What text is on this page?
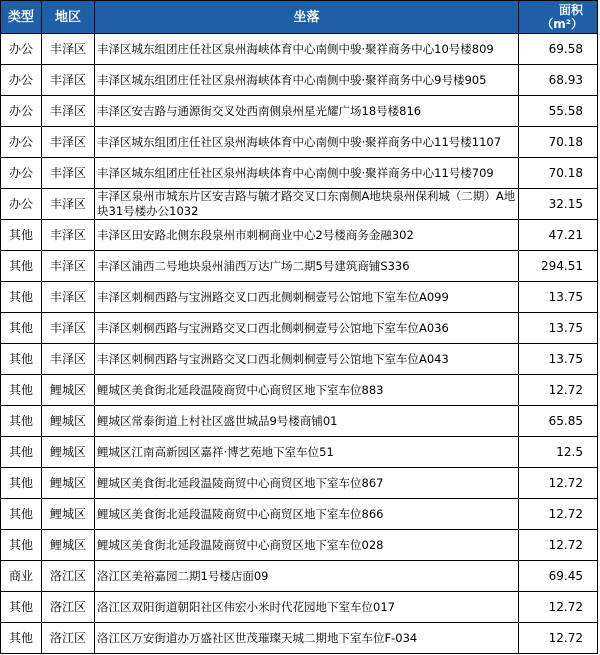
类型	地区	坐落	面积
（m²）
办公	丰泽区	丰泽区城东组团庄任社区泉州海峡体育中心南侧中骏·聚祥商务中心10号楼809	69.58
办公	丰泽区	丰泽区城东组团庄任社区泉州海峡体育中心南侧中骏·聚祥商务中心9号楼905	68.93
办公	丰泽区	丰泽区安吉路与通源街交叉处西南侧泉州星光耀广场18号楼816	55.58
办公	丰泽区	丰泽区城东组团庄任社区泉州海峡体育中心南侧中骏·聚祥商务中心11号楼1107	70.18
办公	丰泽区	丰泽区城东组团庄任社区泉州海峡体育中心南侧中骏·聚祥商务中心11号楼709	70.18
办公	丰泽区	丰泽区泉州市城东片区安吉路与毓才路交叉口东南侧A地块泉州保利城（二期）A地块31号楼办公1032	32.15
其他	丰泽区	丰泽区田安路北侧东段泉州市刺桐商业中心2号楼商务金融302	47.21
其他	丰泽区	丰泽区浦西二号地块泉州浦西万达广场二期5号建筑商铺S336	294.51
其他	丰泽区	丰泽区刺桐西路与宝洲路交叉口西北侧刺桐壹号公馆地下室车位A099	13.75
其他	丰泽区	丰泽区刺桐西路与宝洲路交叉口西北侧刺桐壹号公馆地下室车位A036	13.75
其他	丰泽区	丰泽区刺桐西路与宝洲路交叉口西北侧刺桐壹号公馆地下室车位A043	13.75
其他	鲤城区	鲤城区美食街北延段温陵商贸中心商贸区地下室车位883	12.72
其他	鲤城区	鲤城区常泰街道上村社区盛世城品9号楼商铺01	65.85
其他	鲤城区	鲤城区江南高新园区嘉祥·博艺苑地下室车位51	12.5
其他	鲤城区	鲤城区美食街北延段温陵商贸中心商贸区地下室车位867	12.72
其他	鲤城区	鲤城区美食街北延段温陵商贸中心商贸区地下室车位866	12.72
其他	鲤城区	鲤城区美食街北延段温陵商贸中心商贸区地下室车位028	12.72
商业	洛江区	洛江区美裕嘉园二期1号楼店面09	69.45
其他	洛江区	洛江区双阳街道朝阳社区伟宏小米时代花园地下室车位017	12.72
其他	洛江区	洛江区万安街道办万盛社区世茂璀璨天城二期地下室车位F-034	12.72
